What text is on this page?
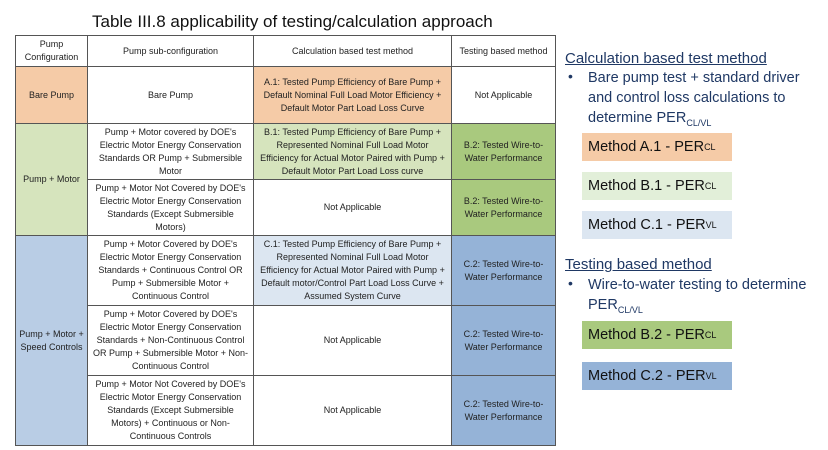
Table III.8 applicability of testing/calculation approach
Pump Configuration	Pump sub-configuration	Calculation based test method	Testing based method
Bare Pump	Bare Pump	A.1: Tested Pump Efficiency of Bare Pump + Default Nominal Full Load Motor Efficiency + Default Motor Part Load Loss Curve	Not Applicable
Pump + Motor	Pump + Motor covered by DOE's Electric Motor Energy Conservation Standards OR Pump + Submersible Motor	B.1: Tested Pump Efficiency of Bare Pump + Represented Nominal Full Load Motor Efficiency for Actual Motor Paired with Pump + Default Motor Part Load Loss curve	B.2: Tested Wire-to-Water Performance
	Pump + Motor Not Covered by DOE's Electric Motor Energy Conservation Standards (Except Submersible Motors)	Not Applicable	B.2: Tested Wire-to-Water Performance
Pump + Motor + Speed Controls	Pump + Motor Covered by DOE's Electric Motor Energy Conservation Standards + Continuous Control OR Pump + Submersible Motor + Continuous Control	C.1: Tested Pump Efficiency of Bare Pump + Represented Nominal Full Load Motor Efficiency for Actual Motor Paired with Pump + Default motor/Control Part Load Loss Curve + Assumed System Curve	C.2: Tested Wire-to-Water Performance
	Pump + Motor Covered by DOE's Electric Motor Energy Conservation Standards + Non-Continuous Control OR Pump + Submersible Motor + Non-Continuous Control	Not Applicable	C.2: Tested Wire-to-Water Performance
	Pump + Motor Not Covered by DOE's Electric Motor Energy Conservation Standards (Except Submersible Motors) + Continuous or Non-Continuous Controls	Not Applicable	C.2: Tested Wire-to-Water Performance
Calculation based test method
• Bare pump test + standard driver and control loss calculations to determine $PER_{CL/VL}$
Method A.1 - PER CL
Method B.1 - PER CL
Method C.1 - PER VL
Testing based method
• Wire-to-water testing to determine $PER_{CL/VL}$
Method B.2 - PER CL
Method C.2 - PER VL
